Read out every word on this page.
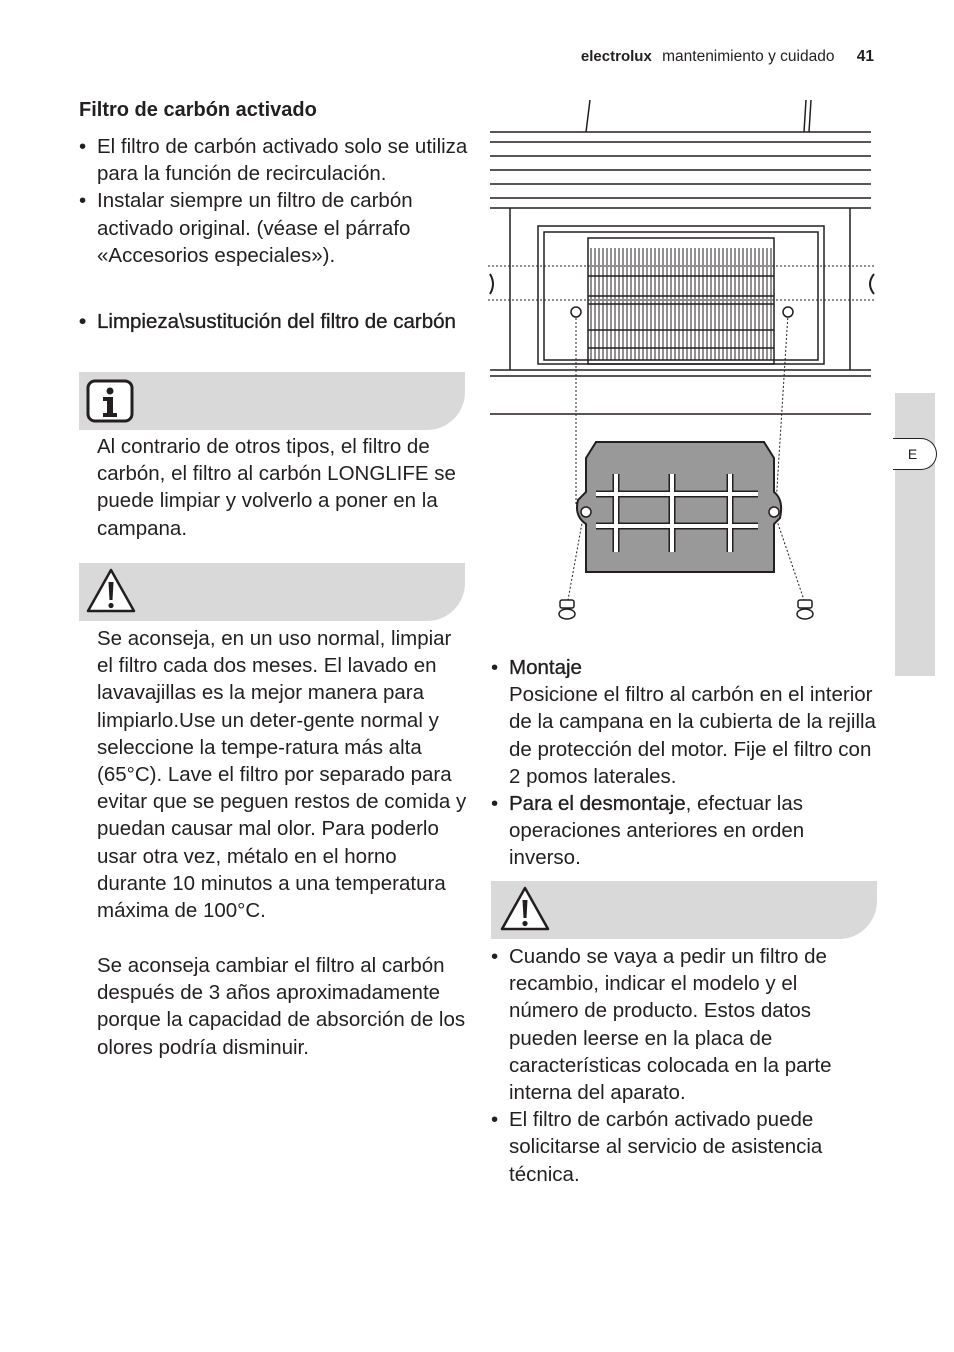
electrolux mantenimiento y cuidado 41
Filtro de carbón activado
• El filtro de carbón activado solo se utiliza para la función de recirculación.
• Instalar siempre un filtro de carbón activado original. (véase el párrafo «Accesorios especiales»).
• Limpieza\sustitución del filtro de carbón
Al contrario de otros tipos, el filtro de carbón, el filtro al carbón LONGLIFE se puede limpiar y volverlo a poner en la campana.
Se aconseja, en un uso normal, limpiar el filtro cada dos meses. El lavado en lavavajillas es la mejor manera para limpiarlo.Use un deter-gente normal y seleccione la tempe-ratura más alta (65°C). Lave el filtro por separado para evitar que se peguen restos de comida y puedan causar mal olor. Para poderlo usar otra vez, métalo en el horno durante 10 minutos a una temperatura máxima de 100°C.
Se aconseja cambiar el filtro al carbón después de 3 años aproximadamente porque la capacidad de absorción de los olores podría disminuir.
• Montaje
Posicione el filtro al carbón en el interior de la campana en la cubierta de la rejilla de protección del motor. Fije el filtro con 2 pomos laterales.
• Para el desmontaje, efectuar las operaciones anteriores en orden inverso.
• Cuando se vaya a pedir un filtro de recambio, indicar el modelo y el número de producto. Estos datos pueden leerse en la placa de características colocada en la parte interna del aparato.
• El filtro de carbón activado puede solicitarse al servicio de asistencia técnica.
E
